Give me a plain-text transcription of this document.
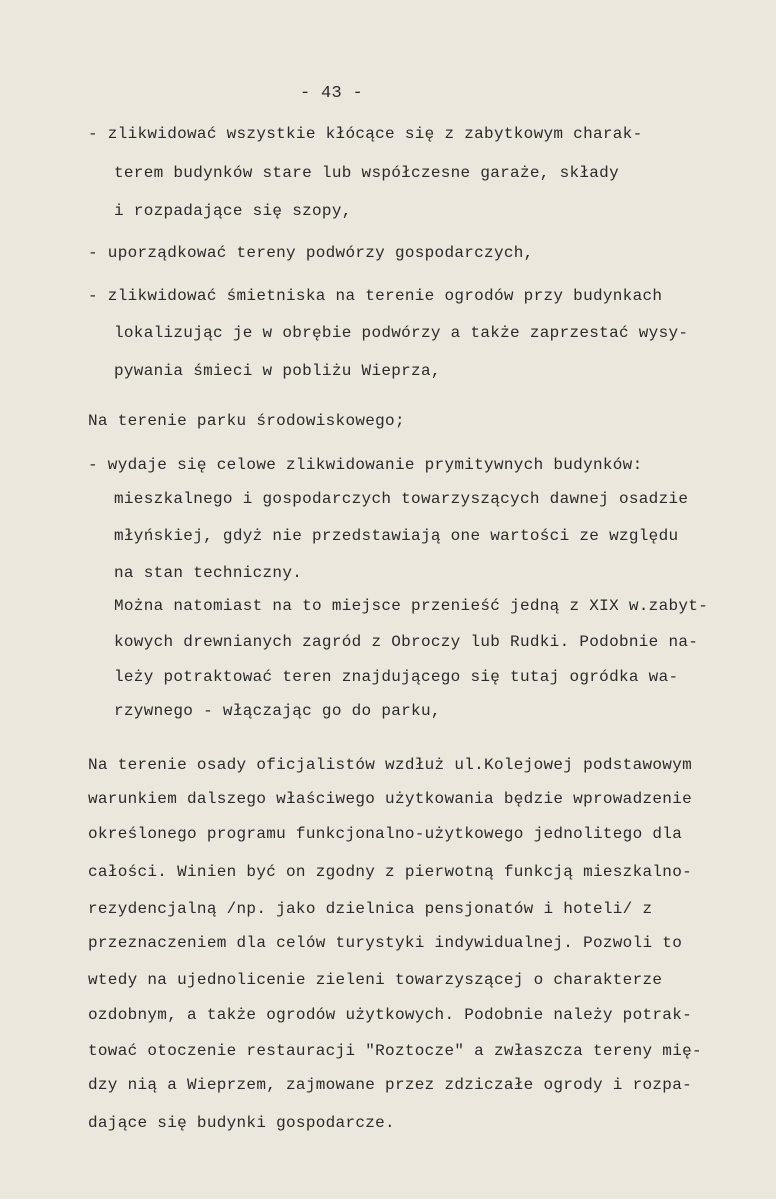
- 43 -
- zlikwidować wszystkie kłócące się z zabytkowym charak-
terem budynków stare lub współczesne garaże, składy
i rozpadające się szopy,
- uporządkować tereny podwórzy gospodarczych,
- zlikwidować śmietniska na terenie ogrodów przy budynkach
lokalizując je w obrębie podwórzy a także zaprzestać wysy-
pywania śmieci w pobliżu Wieprza,
Na terenie parku środowiskowego;
- wydaje się celowe zlikwidowanie prymitywnych budynków:
mieszkalnego i gospodarczych towarzyszących dawnej osadzie
młyńskiej, gdyż nie przedstawiają one wartości ze względu
na stan techniczny.
Można natomiast na to miejsce przenieść jedną z XIX w.zabyt-
kowych drewnianych zagród z Obroczy lub Rudki. Podobnie na-
leży potraktować teren znajdującego się tutaj ogródka wa-
rzywnego - włączając go do parku,
Na terenie osady oficjalistów wzdłuż ul.Kolejowej podstawowym
warunkiem dalszego właściwego użytkowania będzie wprowadzenie
określonego programu funkcjonalno-użytkowego jednolitego dla
całości. Winien być on zgodny z pierwotną funkcją mieszkalno-
rezydencjalną /np. jako dzielnica pensjonatów i hoteli/ z
przeznaczeniem dla celów turystyki indywidualnej. Pozwoli to
wtedy na ujednolicenie zieleni towarzyszącej o charakterze
ozdobnym, a także ogrodów użytkowych. Podobnie należy potrak-
tować otoczenie restauracji "Roztocze" a zwłaszcza tereny mię-
dzy nią a Wieprzem, zajmowane przez zdziczałe ogrody i rozpa-
dające się budynki gospodarcze.
